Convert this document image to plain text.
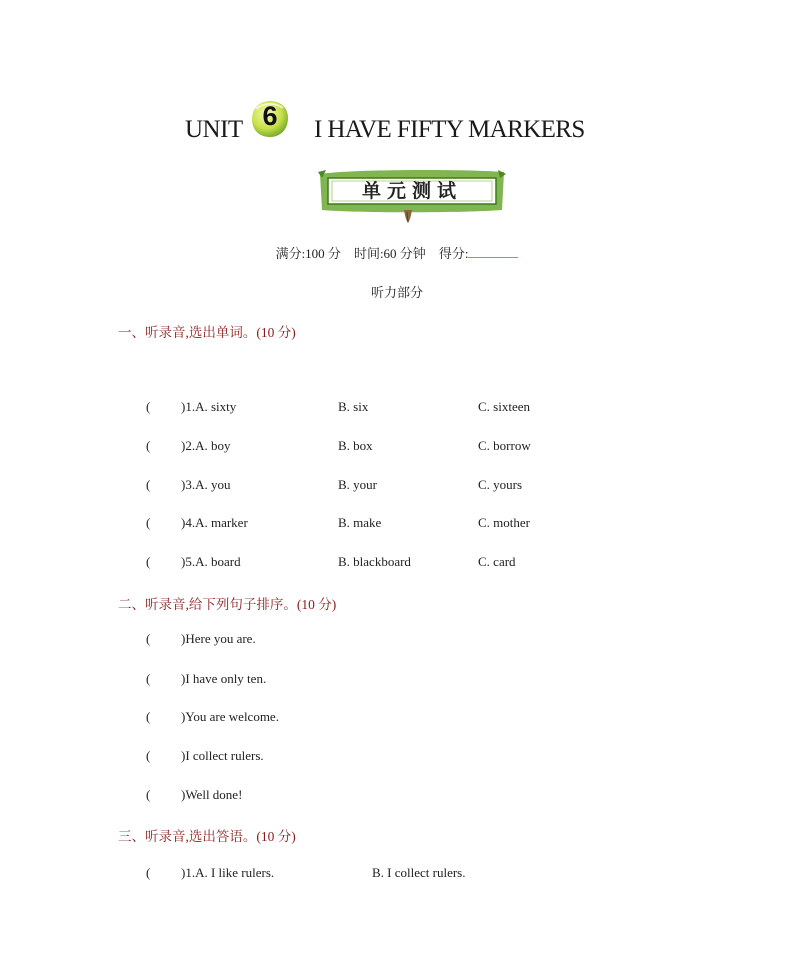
UNIT 6	I HAVE FIFTY MARKERS
单元测试
满分:100 分 时间:60 分钟 得分:
听力部分
一、听录音,选出单词。(10 分)
( )1.A. sixty	B. six	C. sixteen
( )2.A. boy	B. box	C. borrow
( )3.A. you	B. your	C. yours
( )4.A. marker	B. make	C. mother
( )5.A. board	B. blackboard	C. card
二、听录音,给下列句子排序。(10 分)
( )Here you are.
( )I have only ten.
( )You are welcome.
( )I collect rulers.
( )Well done!
三、听录音,选出答语。(10 分)
( )1.A. I like rulers.	B. I collect rulers.
